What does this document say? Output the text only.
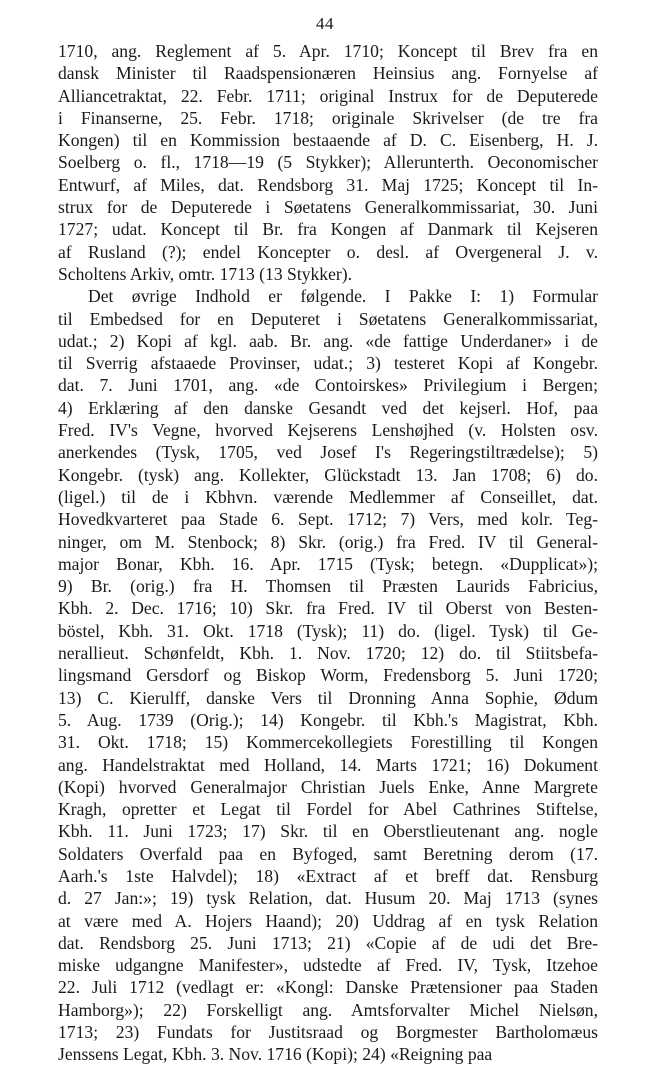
44
1710, ang. Reglement af 5. Apr. 1710; Koncept til Brev fra en
dansk Minister til Raadspensionæren Heinsius ang. Fornyelse af
Alliancetraktat, 22. Febr. 1711; original Instrux for de Deputerede
i Finanserne, 25. Febr. 1718; originale Skrivelser (de tre fra
Kongen) til en Kommission bestaaende af D. C. Eisenberg, H. J.
Soelberg o. fl., 1718—19 (5 Stykker); Allerunterth. Oeconomischer
Entwurf, af Miles, dat. Rendsborg 31. Maj 1725; Koncept til In-
strux for de Deputerede i Søetatens Generalkommissariat, 30. Juni
1727; udat. Koncept til Br. fra Kongen af Danmark til Kejseren
af Rusland (?); endel Koncepter o. desl. af Overgeneral J. v.
Scholtens Arkiv, omtr. 1713 (13 Stykker).
Det øvrige Indhold er følgende. I Pakke I: 1) Formular
til Embedsed for en Deputeret i Søetatens Generalkommissariat,
udat.; 2) Kopi af kgl. aab. Br. ang. «de fattige Underdaner» i de
til Sverrig afstaaede Provinser, udat.; 3) testeret Kopi af Kongebr.
dat. 7. Juni 1701, ang. «de Contoirskes» Privilegium i Bergen;
4) Erklæring af den danske Gesandt ved det kejserl. Hof, paa
Fred. IV's Vegne, hvorved Kejserens Lenshøjhed (v. Holsten osv.
anerkendes (Tysk, 1705, ved Josef I's Regeringstiltrædelse); 5)
Kongebr. (tysk) ang. Kollekter, Glückstadt 13. Jan 1708; 6) do.
(ligel.) til de i Kbhvn. værende Medlemmer af Conseillet, dat.
Hovedkvarteret paa Stade 6. Sept. 1712; 7) Vers, med kolr. Teg-
ninger, om M. Stenbock; 8) Skr. (orig.) fra Fred. IV til General-
major Bonar, Kbh. 16. Apr. 1715 (Tysk; betegn. «Dupplicat»);
9) Br. (orig.) fra H. Thomsen til Præsten Laurids Fabricius,
Kbh. 2. Dec. 1716; 10) Skr. fra Fred. IV til Oberst von Besten-
böstel, Kbh. 31. Okt. 1718 (Tysk); 11) do. (ligel. Tysk) til Ge-
nerallieut. Schønfeldt, Kbh. 1. Nov. 1720; 12) do. til Stiitsbefa-
lingsmand Gersdorf og Biskop Worm, Fredensborg 5. Juni 1720;
13) C. Kierulff, danske Vers til Dronning Anna Sophie, Ødum
5. Aug. 1739 (Orig.); 14) Kongebr. til Kbh.'s Magistrat, Kbh.
31. Okt. 1718; 15) Kommercekollegiets Forestilling til Kongen
ang. Handelstraktat med Holland, 14. Marts 1721; 16) Dokument
(Kopi) hvorved Generalmajor Christian Juels Enke, Anne Margrete
Kragh, opretter et Legat til Fordel for Abel Cathrines Stiftelse,
Kbh. 11. Juni 1723; 17) Skr. til en Oberstlieutenant ang. nogle
Soldaters Overfald paa en Byfoged, samt Beretning derom (17.
Aarh.'s 1ste Halvdel); 18) «Extract af et breff dat. Rensburg
d. 27 Jan:»; 19) tysk Relation, dat. Husum 20. Maj 1713 (synes
at være med A. Hojers Haand); 20) Uddrag af en tysk Relation
dat. Rendsborg 25. Juni 1713; 21) «Copie af de udi det Bre-
miske udgangne Manifester», udstedte af Fred. IV, Tysk, Itzehoe
22. Juli 1712 (vedlagt er: «Kongl: Danske Prætensioner paa Staden
Hamborg»); 22) Forskelligt ang. Amtsforvalter Michel Nielsøn,
1713; 23) Fundats for Justitsraad og Borgmester Bartholomæus
Jenssens Legat, Kbh. 3. Nov. 1716 (Kopi); 24) «Reigning paa
